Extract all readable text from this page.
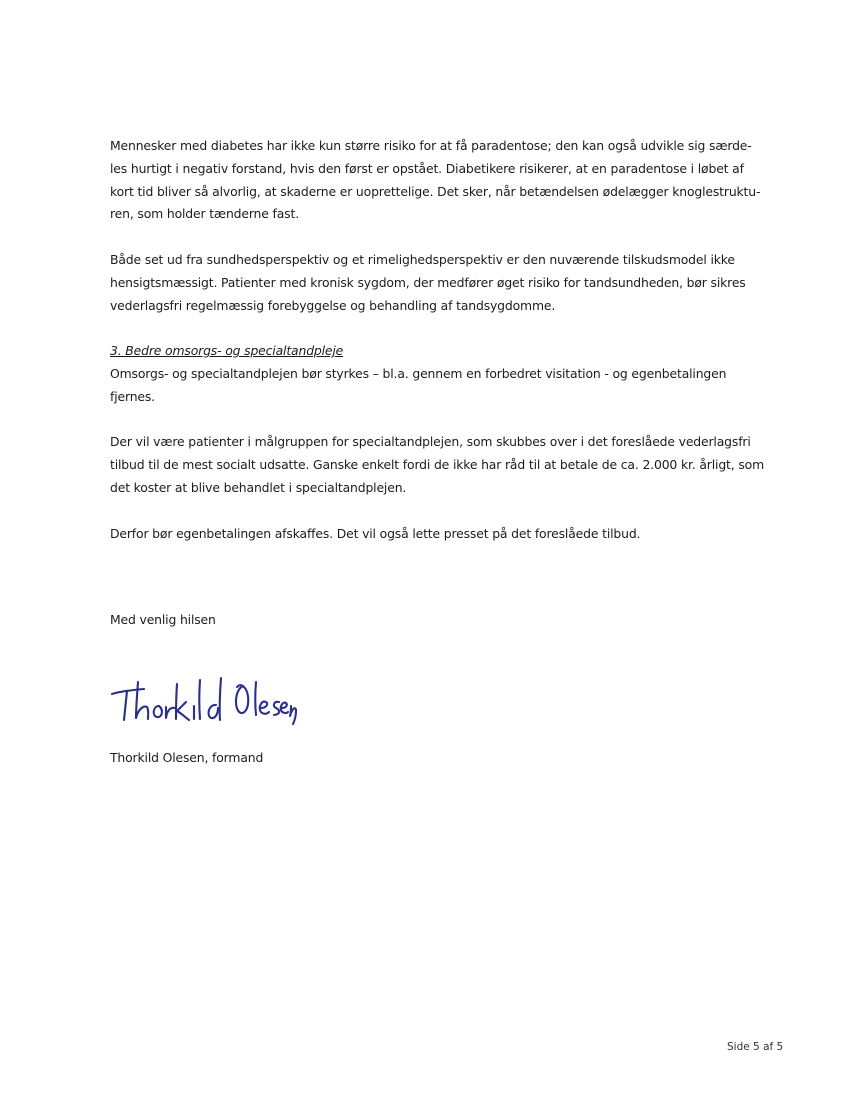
Mennesker med diabetes har ikke kun større risiko for at få paradentose; den kan også udvikle sig særde-
les hurtigt i negativ forstand, hvis den først er opstået. Diabetikere risikerer, at en paradentose i løbet af
kort tid bliver så alvorlig, at skaderne er uoprettelige. Det sker, når betændelsen ødelægger knoglestruktu-
ren, som holder tænderne fast.

Både set ud fra sundhedsperspektiv og et rimelighedsperspektiv er den nuværende tilskudsmodel ikke
hensigtsmæssigt. Patienter med kronisk sygdom, der medfører øget risiko for tandsundheden, bør sikres
vederlagsfri regelmæssig forebyggelse og behandling af tandsygdomme.

3. Bedre omsorgs- og specialtandpleje
Omsorgs- og specialtandplejen bør styrkes – bl.a. gennem en forbedret visitation - og egenbetalingen
fjernes.

Der vil være patienter i målgruppen for specialtandplejen, som skubbes over i det foreslåede vederlagsfri
tilbud til de mest socialt udsatte. Ganske enkelt fordi de ikke har råd til at betale de ca. 2.000 kr. årligt, som
det koster at blive behandlet i specialtandplejen.

Derfor bør egenbetalingen afskaffes. Det vil også lette presset på det foreslåede tilbud.

Med venlig hilsen
Thorkild Olesen, formand
Side 5 af 5
